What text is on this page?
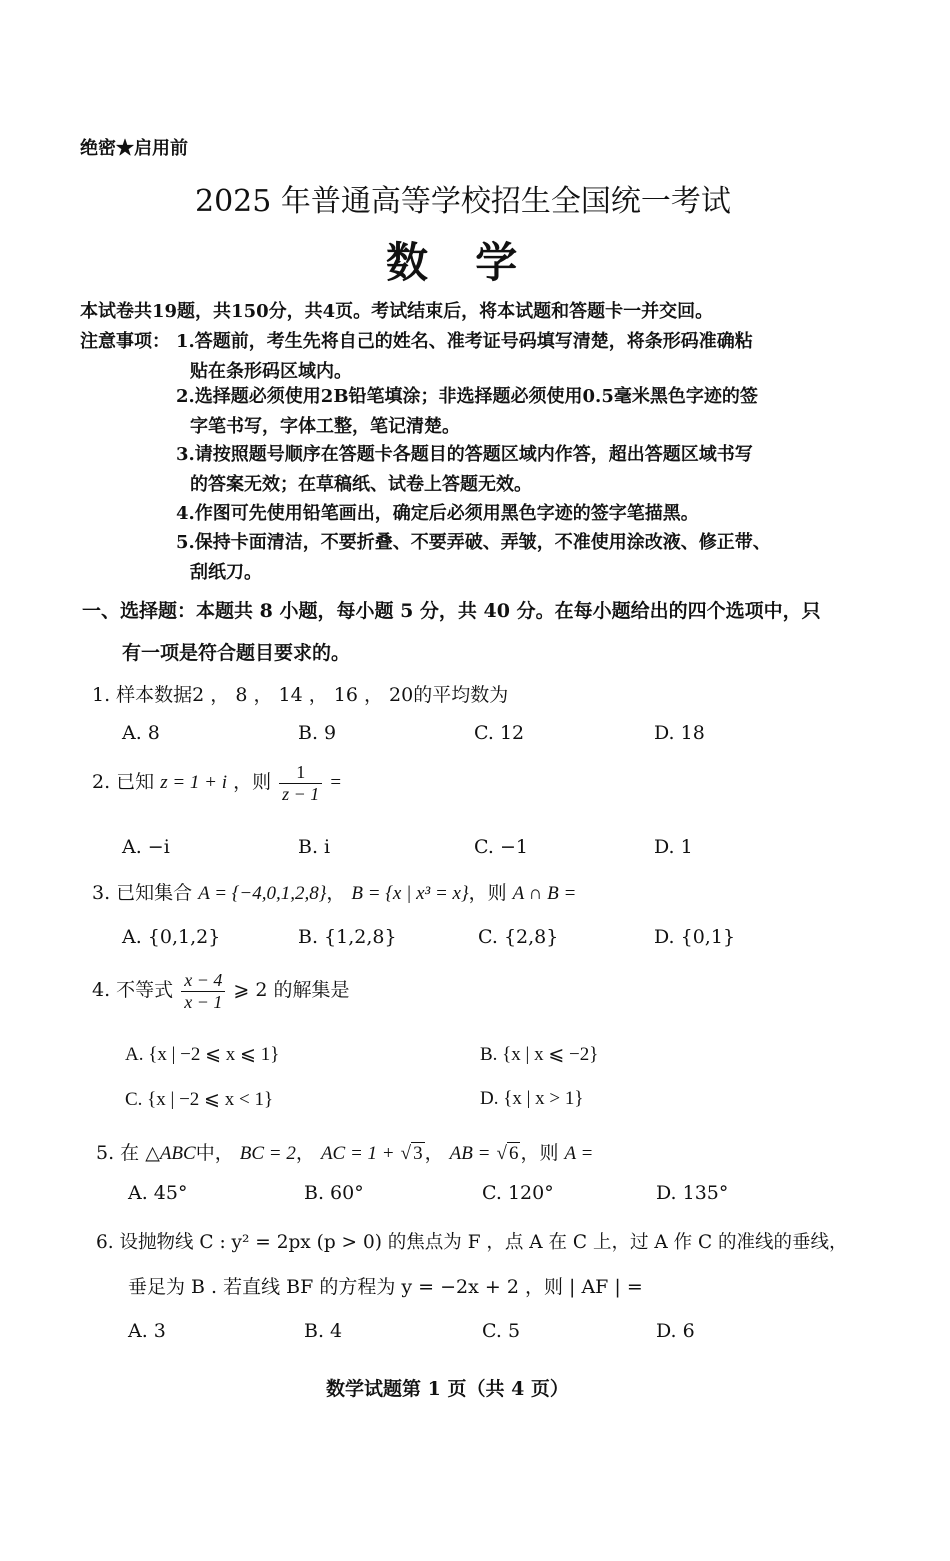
绝密★启用前
2025 年普通高等学校招生全国统一考试
数  学
本试卷共19题，共150分，共4页。考试结束后，将本试题和答题卡一并交回。
注意事项： 1.答题前，考生先将自己的姓名、准考证号码填写清楚，将条形码准确粘
贴在条形码区域内。
2.选择题必须使用2B铅笔填涂；非选择题必须使用0.5毫米黑色字迹的签
字笔书写，字体工整，笔记清楚。
3.请按照题号顺序在答题卡各题目的答题区域内作答，超出答题区域书写
的答案无效；在草稿纸、试卷上答题无效。
4.作图可先使用铅笔画出，确定后必须用黑色字迹的签字笔描黑。
5.保持卡面清洁，不要折叠、不要弄破、弄皱，不准使用涂改液、修正带、
刮纸刀。
一、选择题：本题共 8 小题，每小题 5 分，共 40 分。在每小题给出的四个选项中，只
有一项是符合题目要求的。
1. 样本数据2 ， 8 ， 14 ， 16 ， 20的平均数为
A. 8	B. 9	C. 12	D. 18
2. 已知 z = 1 + i ，则 $\frac{1}{z - 1}$ =
A. −i	B. i	C. −1	D. 1
3. 已知集合 A = {−4,0,1,2,8}， B = {x | x³ = x}，则 A ∩ B =
A. {0,1,2}	B. {1,2,8}	C. {2,8}	D. {0,1}
4. 不等式 $\frac{x - 4}{x - 1}$ ⩾ 2 的解集是
A. {x | −2 ⩽ x ⩽ 1}	B. {x | x ⩽ −2}
C. {x | −2 ⩽ x < 1}	D. {x | x > 1}
5. 在 △ABC中， BC = 2， AC = 1 + √ 3 ， AB = √ 6 ，则 A =
A. 45°	B. 60°	C. 120°	D. 135°
6. 设抛物线 C : y² = 2px (p > 0) 的焦点为 F ，点 A 在 C 上，过 A 作 C 的准线的垂线，
垂足为 B . 若直线 BF 的方程为 y = −2x + 2 ，则 | AF | =
A. 3	B. 4	C. 5	D. 6
数学试题第 1 页（共 4 页）
